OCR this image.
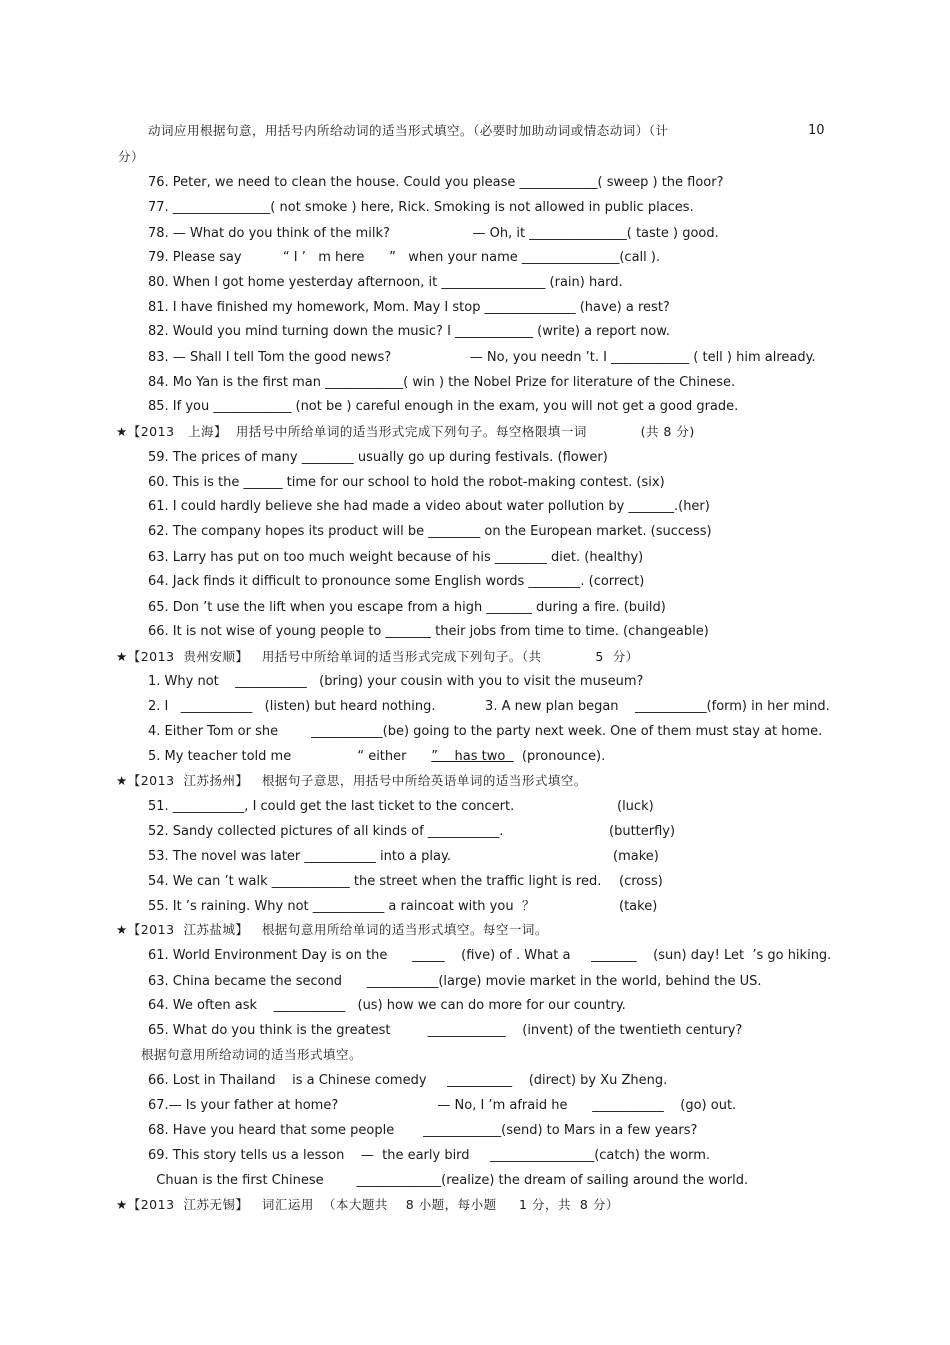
动词应用根据句意，用括号内所给动词的适当形式填空。（必要时加助动词或情态动词）（计	10
分）
76. Peter, we need to clean the house. Could you please ____________( sweep ) the floor?
77. _______________( not smoke ) here, Rick. Smoking is not allowed in public places.
78. — What do you think of the milk?                    — Oh, it _______________( taste ) good.
79. Please say          “ I ’   m here      ”   when your name _______________(call ).
80. When I got home yesterday afternoon, it ________________ (rain) hard.
81. I have finished my homework, Mom. May I stop ______________ (have) a rest?
82. Would you mind turning down the music? I ____________ (write) a report now.
83. — Shall I tell Tom the good news?                   — No, you needn ’t. I ____________ ( tell ) him already.
84. Mo Yan is the first man ____________( win ) the Nobel Prize for literature of the Chinese.
85. If you ____________ (not be ) careful enough in the exam, you will not get a good grade.
★【2013   上海】  用括号中所给单词的适当形式完成下列句子。每空格限填一词            (共 8 分)
59. The prices of many ________ usually go up during festivals. (flower)
60. This is the ______ time for our school to hold the robot-making contest. (six)
61. I could hardly believe she had made a video about water pollution by _______.(her)
62. The company hopes its product will be ________ on the European market. (success)
63. Larry has put on too much weight because of his ________ diet. (healthy)
64. Jack finds it difficult to pronounce some English words ________. (correct)
65. Don ’t use the lift when you escape from a high _______ during a fire. (build)
66. It is not wise of young people to _______ their jobs from time to time. (changeable)
★【2013  贵州安顺】   用括号中所给单词的适当形式完成下列句子。（共            5  分）
1. Why not    ___________   (bring) your cousin with you to visit the museum?
2. I   ___________   (listen) but heard nothing.            3. A new plan began    ___________(form) in her mind.
4. Either Tom or she        ___________(be) going to the party next week. One of them must stay at home.
5. My teacher told me                “ either      ”    has two    (pronounce).
★【2013  江苏扬州】   根据句子意思，用括号中所给英语单词的适当形式填空。
51. ___________, I could get the last ticket to the concert.	(luck)
52. Sandy collected pictures of all kinds of ___________.	(butterfly)
53. The novel was later ___________ into a play.	(make)
54. We can ’t walk ____________ the street when the traffic light is red. (cross)
55. It ’s raining. Why not ___________ a raincoat with you  ？	(take)
★【2013  江苏盐城】   根据句意用所给单词的适当形式填空。每空一词。
61. World Environment Day is on the      _____    (five) of . What a     _______    (sun) day! Let  ’s go hiking.
63. China became the second      ___________(large) movie market in the world, behind the US.
64. We often ask    ___________   (us) how we can do more for our country.
65. What do you think is the greatest         ____________    (invent) of the twentieth century?
根据句意用所给动词的适当形式填空。
66. Lost in Thailand    is a Chinese comedy     __________    (direct) by Xu Zheng.
67.— Is your father at home?                        — No, I ’m afraid he      ___________    (go) out.
68. Have you heard that some people       ____________(send) to Mars in a few years?
69. This story tells us a lesson    —  the early bird     ________________(catch) the worm.
Chuan is the first Chinese        _____________(realize) the dream of sailing around the world.
★【2013  江苏无锡】   词汇运用  （本大题共    8 小题，每小题     1 分，共  8 分）
